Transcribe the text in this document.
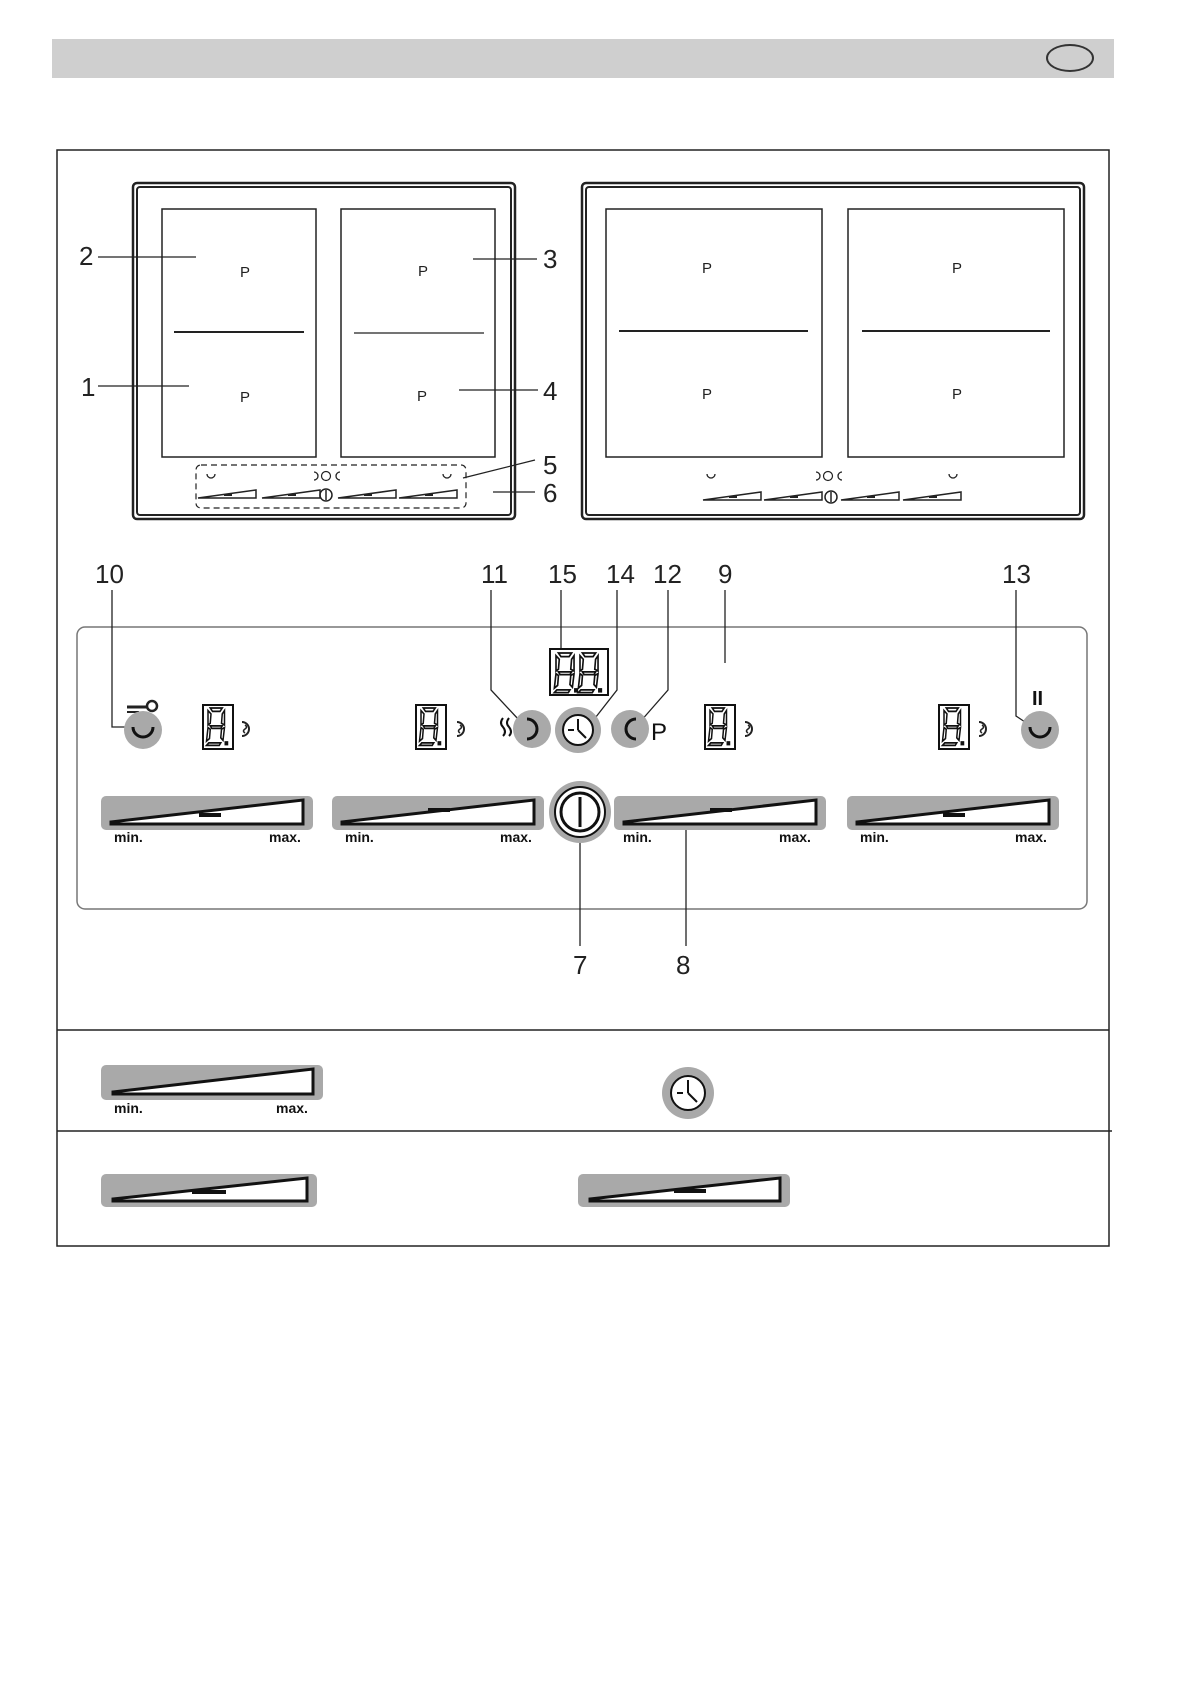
P
P
P
P
P
P
P
P
2
1
3
4
5
6
10	11 15 14 12 9	13
7	8
P
II
min.	max.	min.	max.	min.	max.	min.	max.
min.	max.
